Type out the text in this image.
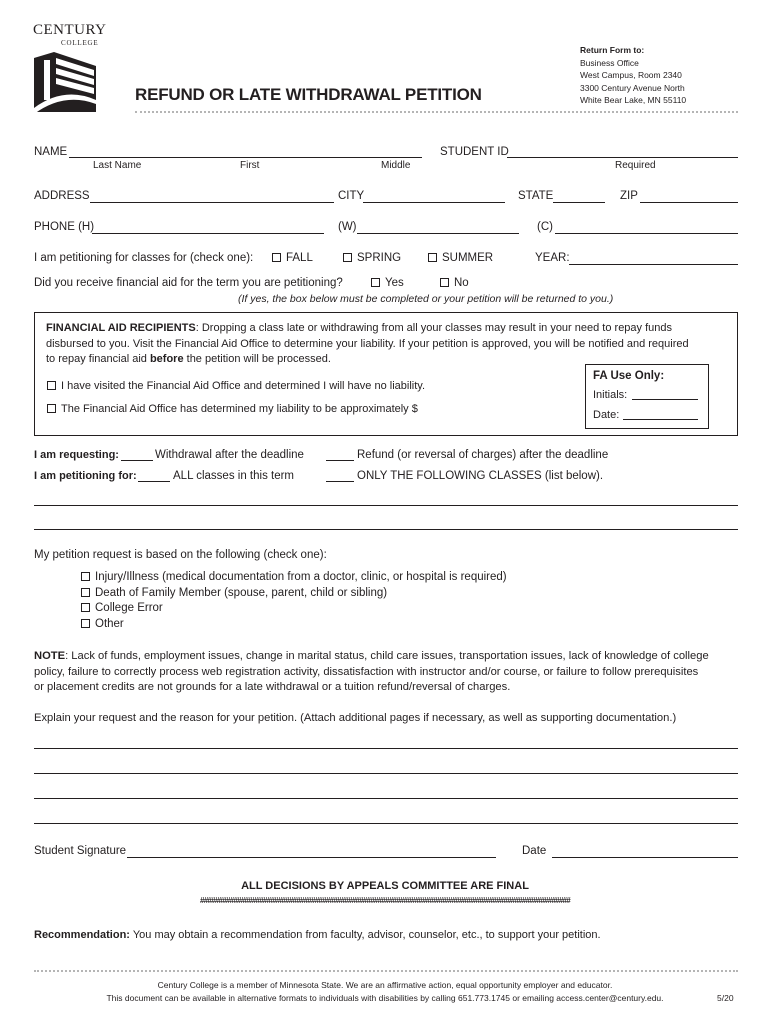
CENTURY
COLLEGE
REFUND OR LATE WITHDRAWAL PETITION
Return Form to:
Business Office
West Campus, Room 2340
3300 Century Avenue North
White Bear Lake, MN 55110
NAME
Last Name	First	Middle
STUDENT ID
Required
ADDRESS	CITY	STATE	ZIP
PHONE (H)	(W)	(C)
I am petitioning for classes for (check one):	FALL	SPRING	SUMMER	YEAR:
Did you receive financial aid for the term you are petitioning?	Yes	No
(If yes, the box below must be completed or your petition will be returned to you.)
FINANCIAL AID RECIPIENTS: Dropping a class late or withdrawing from all your classes may result in your need to repay funds
disbursed to you. Visit the Financial Aid Office to determine your liability. If your petition is approved, you will be notified and required
to repay financial aid before the petition will be processed.
I have visited the Financial Aid Office and determined I will have no liability.
The Financial Aid Office has determined my liability to be approximately $
FA Use Only:
Initials:
Date:
I am requesting:	Withdrawal after the deadline	Refund (or reversal of charges) after the deadline
I am petitioning for:	ALL classes in this term	ONLY THE FOLLOWING CLASSES (list below).
My petition request is based on the following (check one):
Injury/Illness (medical documentation from a doctor, clinic, or hospital is required)
Death of Family Member (spouse, parent, child or sibling)
College Error
Other
NOTE: Lack of funds, employment issues, change in marital status, child care issues, transportation issues, lack of knowledge of college
policy, failure to correctly process web registration activity, dissatisfaction with instructor and/or course, or failure to follow prerequisites
or placement credits are not grounds for a late withdrawal or a tuition refund/reversal of charges.
Explain your request and the reason for your petition. (Attach additional pages if necessary, as well as supporting documentation.)
Student Signature	Date
ALL DECISIONS BY APPEALS COMMITTEE ARE FINAL
####################################################################################################
Recommendation: You may obtain a recommendation from faculty, advisor, counselor, etc., to support your petition.
Century College is a member of Minnesota State. We are an affirmative action, equal opportunity employer and educator.
This document can be available in alternative formats to individuals with disabilities by calling 651.773.1745 or emailing access.center@century.edu.	5/20
